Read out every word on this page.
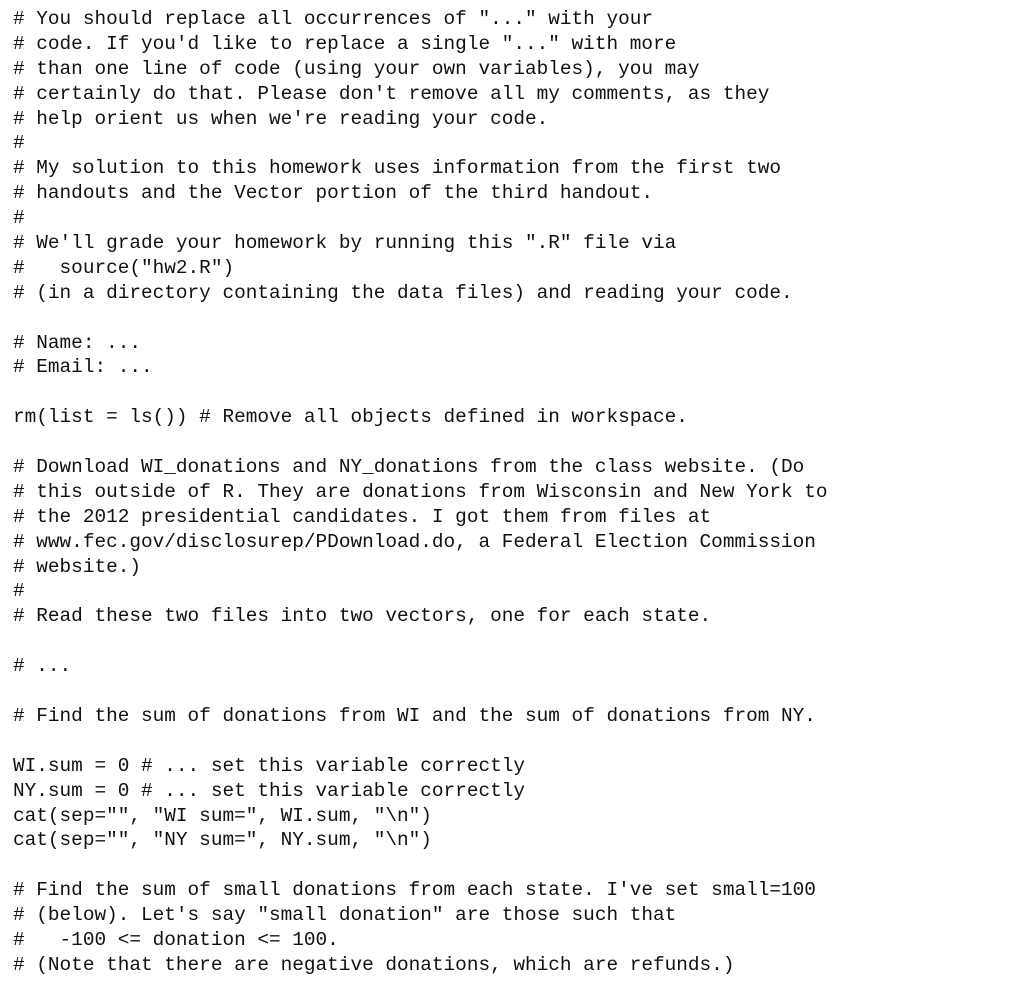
# You should replace all occurrences of "..." with your
# code. If you'd like to replace a single "..." with more
# than one line of code (using your own variables), you may
# certainly do that. Please don't remove all my comments, as they
# help orient us when we're reading your code.
#
# My solution to this homework uses information from the first two
# handouts and the Vector portion of the third handout.
#
# We'll grade your homework by running this ".R" file via
#   source("hw2.R")
# (in a directory containing the data files) and reading your code.
# Name: ...
# Email: ...
rm(list = ls()) # Remove all objects defined in workspace.
# Download WI_donations and NY_donations from the class website. (Do
# this outside of R. They are donations from Wisconsin and New York to
# the 2012 presidential candidates. I got them from files at
# www.fec.gov/disclosurep/PDownload.do, a Federal Election Commission
# website.)
#
# Read these two files into two vectors, one for each state.
# ...
# Find the sum of donations from WI and the sum of donations from NY.
WI.sum = 0 # ... set this variable correctly
NY.sum = 0 # ... set this variable correctly
cat(sep="", "WI sum=", WI.sum, "\n")
cat(sep="", "NY sum=", NY.sum, "\n")
# Find the sum of small donations from each state. I've set small=100
# (below). Let's say "small donation" are those such that
#   -100 <= donation <= 100.
# (Note that there are negative donations, which are refunds.)
